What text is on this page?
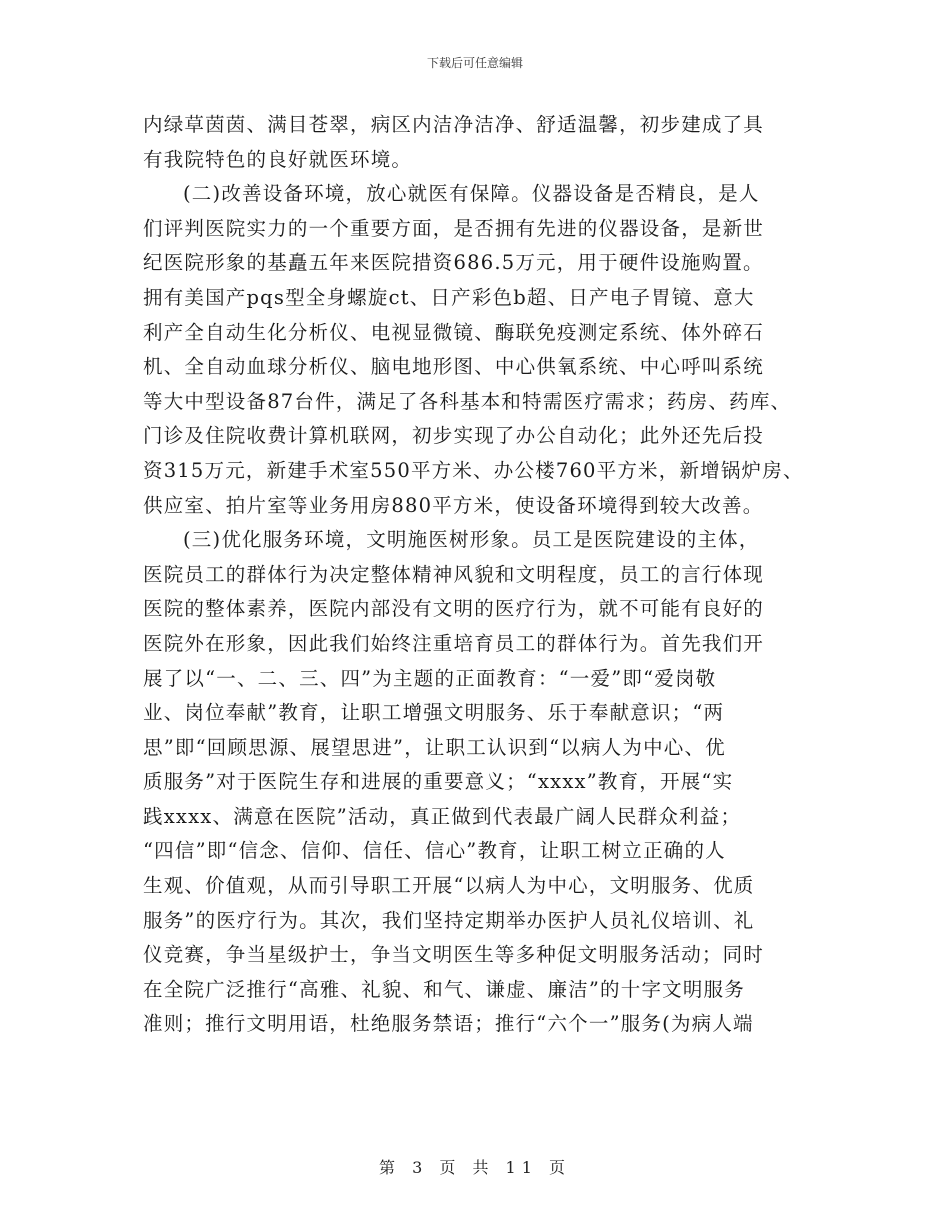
下载后可任意编辑
内绿草茵茵、满目苍翠，病区内洁净洁净、舒适温馨，初步建成了具
有我院特色的良好就医环境。
(二)改善设备环境，放心就医有保障。仪器设备是否精良，是人
们评判医院实力的一个重要方面，是否拥有先进的仪器设备，是新世
纪医院形象的基矗五年来医院措资686.5万元，用于硬件设施购置。
拥有美国产pqs型全身螺旋ct、日产彩色b超、日产电子胃镜、意大
利产全自动生化分析仪、电视显微镜、酶联免疫测定系统、体外碎石
机、全自动血球分析仪、脑电地形图、中心供氧系统、中心呼叫系统
等大中型设备87台件，满足了各科基本和特需医疗需求；药房、药库、
门诊及住院收费计算机联网，初步实现了办公自动化；此外还先后投
资315万元，新建手术室550平方米、办公楼760平方米，新增锅炉房、
供应室、拍片室等业务用房880平方米，使设备环境得到较大改善。
(三)优化服务环境，文明施医树形象。员工是医院建设的主体，
医院员工的群体行为决定整体精神风貌和文明程度，员工的言行体现
医院的整体素养，医院内部没有文明的医疗行为，就不可能有良好的
医院外在形象，因此我们始终注重培育员工的群体行为。首先我们开
展了以“一、二、三、四”为主题的正面教育：“一爱”即“爱岗敬
业、岗位奉献”教育，让职工增强文明服务、乐于奉献意识；“两
思”即“回顾思源、展望思进”，让职工认识到“以病人为中心、优
质服务”对于医院生存和进展的重要意义；“xxxx”教育，开展“实
践xxxx、满意在医院”活动，真正做到代表最广阔人民群众利益；
“四信”即“信念、信仰、信任、信心”教育，让职工树立正确的人
生观、价值观，从而引导职工开展“以病人为中心，文明服务、优质
服务”的医疗行为。其次，我们坚持定期举办医护人员礼仪培训、礼
仪竞赛，争当星级护士，争当文明医生等多种促文明服务活动；同时
在全院广泛推行“高雅、礼貌、和气、谦虚、廉洁”的十字文明服务
准则；推行文明用语，杜绝服务禁语；推行“六个一”服务(为病人端
第 3 页 共 11 页
